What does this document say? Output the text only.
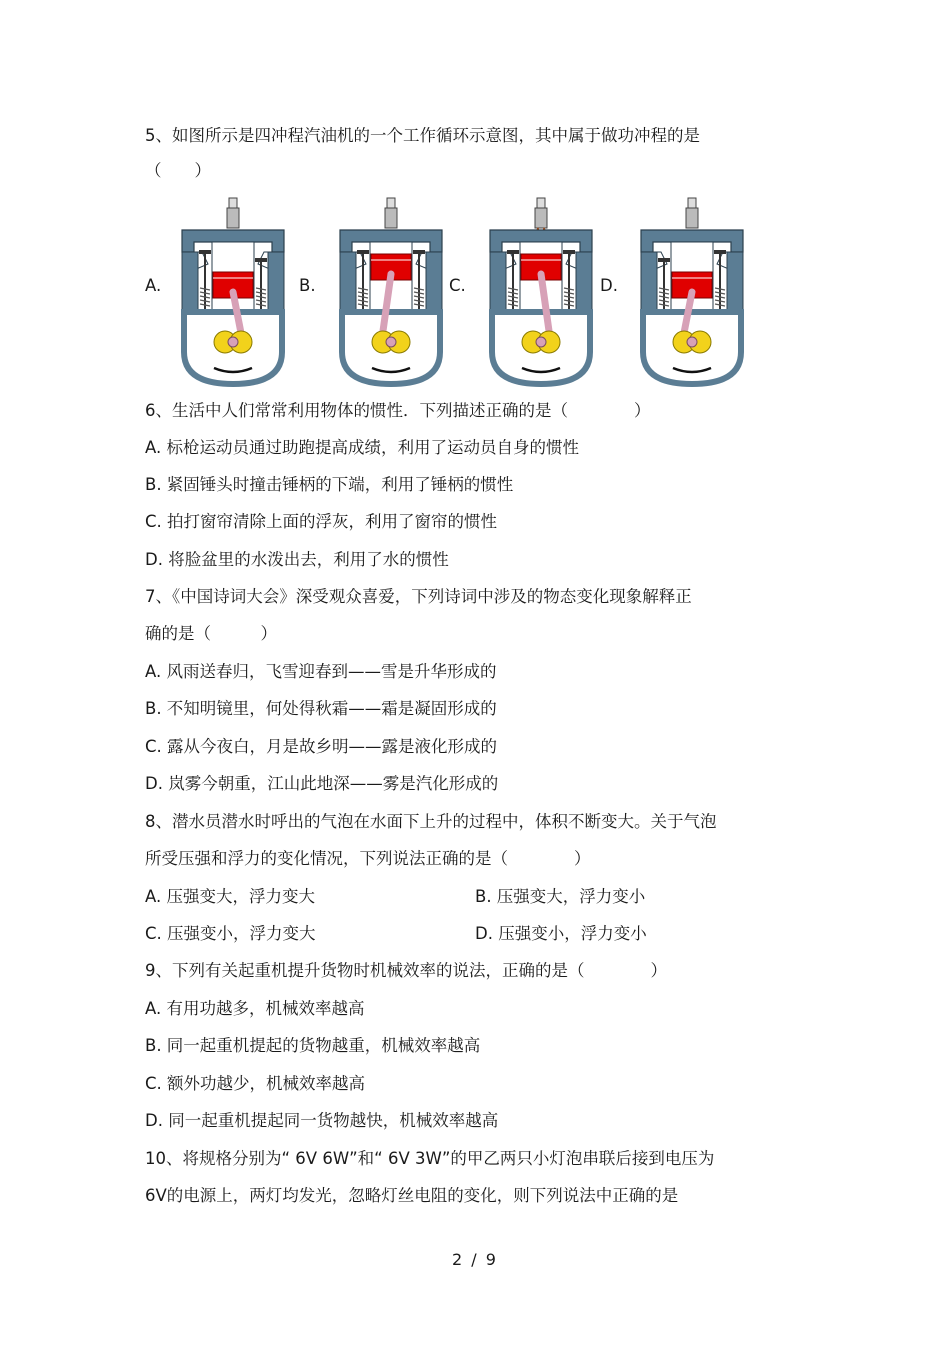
5、如图所示是四冲程汽油机的一个工作循环示意图，其中属于做功冲程的是
（　　）
A.	B.	C.	D.
6、生活中人们常常利用物体的惯性．下列描述正确的是（　　　　）
A. 标枪运动员通过助跑提高成绩，利用了运动员自身的惯性
B. 紧固锤头时撞击锤柄的下端，利用了锤柄的惯性
C. 拍打窗帘清除上面的浮灰，利用了窗帘的惯性
D. 将脸盆里的水泼出去，利用了水的惯性
7、《中国诗词大会》深受观众喜爱，下列诗词中涉及的物态变化现象解释正
确的是（　　　）
A. 风雨送春归，飞雪迎春到——雪是升华形成的
B. 不知明镜里，何处得秋霜——霜是凝固形成的
C. 露从今夜白，月是故乡明——露是液化形成的
D. 岚雾今朝重，江山此地深——雾是汽化形成的
8、潜水员潜水时呼出的气泡在水面下上升的过程中，体积不断变大。关于气泡
所受压强和浮力的变化情况，下列说法正确的是（　　　　）
A. 压强变大，浮力变大	B. 压强变大，浮力变小
C. 压强变小，浮力变大	D. 压强变小，浮力变小
9、下列有关起重机提升货物时机械效率的说法，正确的是（　　　　）
A. 有用功越多，机械效率越高
B. 同一起重机提起的货物越重，机械效率越高
C. 额外功越少，机械效率越高
D. 同一起重机提起同一货物越快，机械效率越高
10、将规格分别为“ 6V 6W”和“ 6V 3W”的甲乙两只小灯泡串联后接到电压为
6V的电源上，两灯均发光，忽略灯丝电阻的变化，则下列说法中正确的是
2 / 9
